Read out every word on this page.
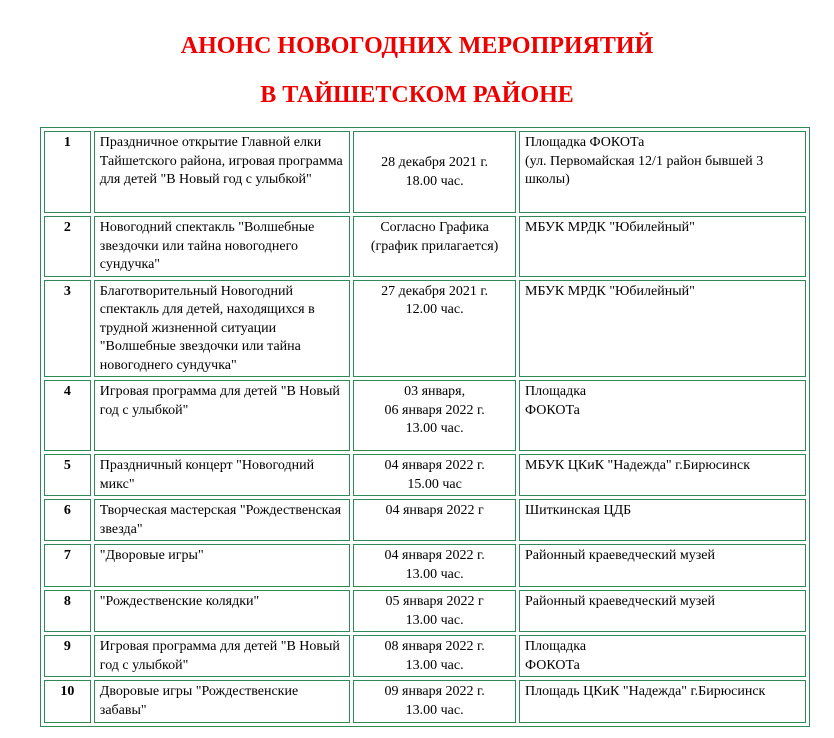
АНОНС НОВОГОДНИХ МЕРОПРИЯТИЙ
В ТАЙШЕТСКОМ РАЙОНЕ
1	Праздничное открытие Главной елки Тайшетского района, игровая программа для детей "В Новый год с улыбкой"	28 декабря 2021 г.
18.00 час.	Площадка ФОКОТа
(ул. Первомайская 12/1 район бывшей 3 школы)

2	Новогодний спектакль "Волшебные звездочки или тайна новогоднего сундучка"	Согласно Графика (график прилагается)	МБУК МРДК "Юбилейный"

3	Благотворительный Новогодний спектакль для детей, находящихся в трудной жизненной ситуации "Волшебные звездочки или тайна новогоднего сундучка"	27 декабря 2021 г.
12.00 час.	МБУК МРДК "Юбилейный"

4	Игровая программа для детей "В Новый год с улыбкой"	03 января,
06 января 2022 г.
13.00 час.	Площадка
ФОКОТа

5	Праздничный концерт "Новогодний микс"	04 января 2022 г.
15.00 час	МБУК ЦКиК "Надежда" г.Бирюсинск

6	Творческая мастерская "Рождественская звезда"	04 января 2022 г	Шиткинская ЦДБ

7	"Дворовые игры"	04 января 2022 г.
13.00 час.	Районный краеведческий музей

8	"Рождественские колядки"	05 января 2022 г
13.00 час.	Районный краеведческий музей

9	Игровая программа для детей "В Новый год с улыбкой"	08 января 2022 г.
13.00 час.	Площадка
ФОКОТа

10	Дворовые игры "Рождественские забавы"	09 января 2022 г.
13.00 час.	Площадь ЦКиК "Надежда" г.Бирюсинск
